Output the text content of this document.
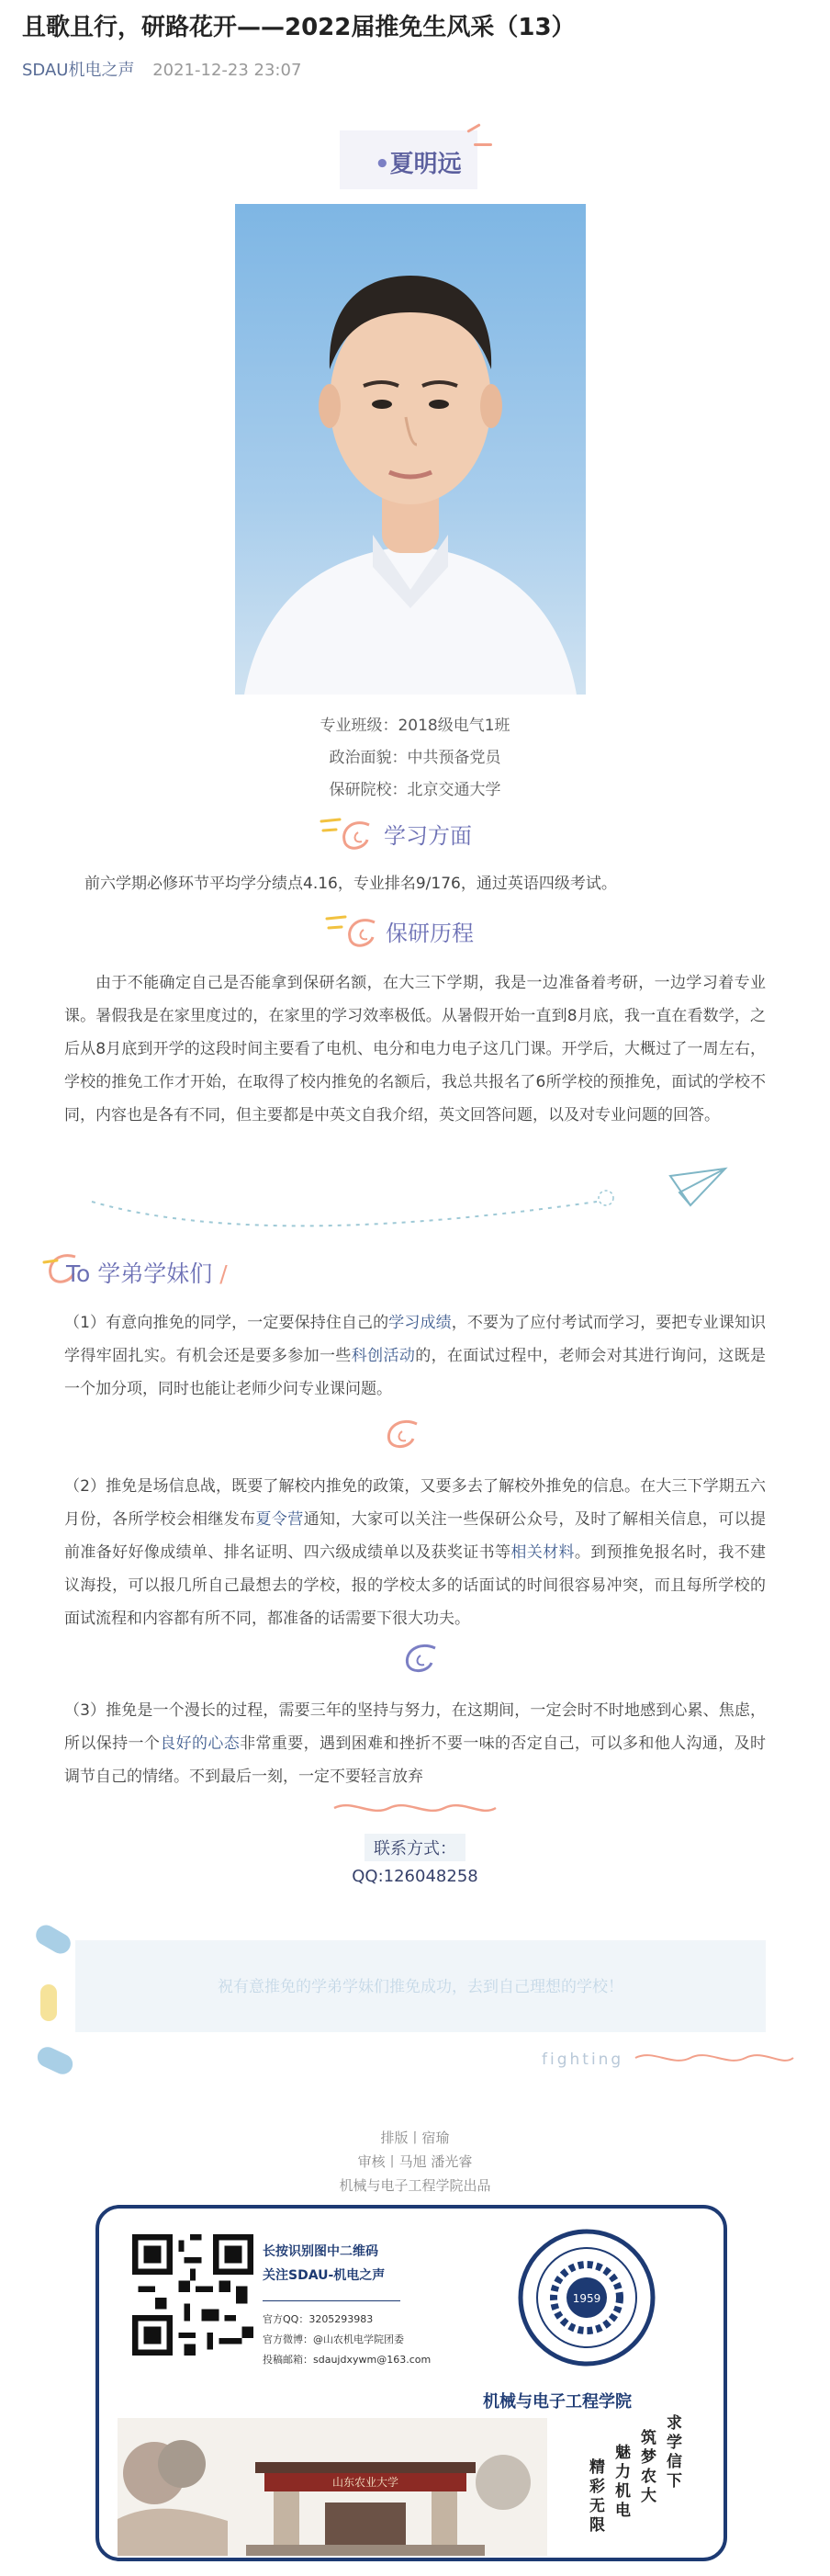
且歌且行，研路花开——2022届推免生风采（13）
SDAU机电之声 2021-12-23 23:07
•夏明远
专业班级：2018级电气1班
政治面貌：中共预备党员
保研院校：北京交通大学
学习方面
前六学期必修环节平均学分绩点4.16，专业排名9/176，通过英语四级考试。
保研历程
由于不能确定自己是否能拿到保研名额，在大三下学期，我是一边准备着考研，一边学习着专业课。暑假我是在家里度过的，在家里的学习效率极低。从暑假开始一直到8月底，我一直在看数学，之后从8月底到开学的这段时间主要看了电机、电分和电力电子这几门课。开学后，大概过了一周左右，学校的推免工作才开始，在取得了校内推免的名额后，我总共报名了6所学校的预推免，面试的学校不同，内容也是各有不同，但主要都是中英文自我介绍，英文回答问题，以及对专业问题的回答。
To 学弟学妹们 /
（1）有意向推免的同学，一定要保持住自己的学习成绩，不要为了应付考试而学习，要把专业课知识学得牢固扎实。有机会还是要多参加一些科创活动的，在面试过程中，老师会对其进行询问，这既是一个加分项，同时也能让老师少问专业课问题。
（2）推免是场信息战，既要了解校内推免的政策，又要多去了解校外推免的信息。在大三下学期五六月份，各所学校会相继发布夏令营通知，大家可以关注一些保研公众号，及时了解相关信息，可以提前准备好好像成绩单、排名证明、四六级成绩单以及获奖证书等相关材料。到预推免报名时，我不建议海投，可以报几所自己最想去的学校，报的学校太多的话面试的时间很容易冲突，而且每所学校的面试流程和内容都有所不同，都准备的话需要下很大功夫。
（3）推免是一个漫长的过程，需要三年的坚持与努力，在这期间，一定会时不时地感到心累、焦虑，所以保持一个良好的心态非常重要，遇到困难和挫折不要一味的否定自己，可以多和他人沟通，及时调节自己的情绪。不到最后一刻，一定不要轻言放弃
联系方式：
QQ:126048258
祝有意推免的学弟学妹们推免成功，去到自己理想的学校！
fighting
排版丨宿瑜
审核丨马旭 潘光睿
机械与电子工程学院出品
长按识别图中二维码
关注SDAU-机电之声
官方QQ：3205293983
官方微博：@山农机电学院团委
投稿邮箱：sdaujdxywm@163.com
1959
机械与电子工程学院
山东农业大学	求学信下
筑梦农大
魅力机电
精彩无限
